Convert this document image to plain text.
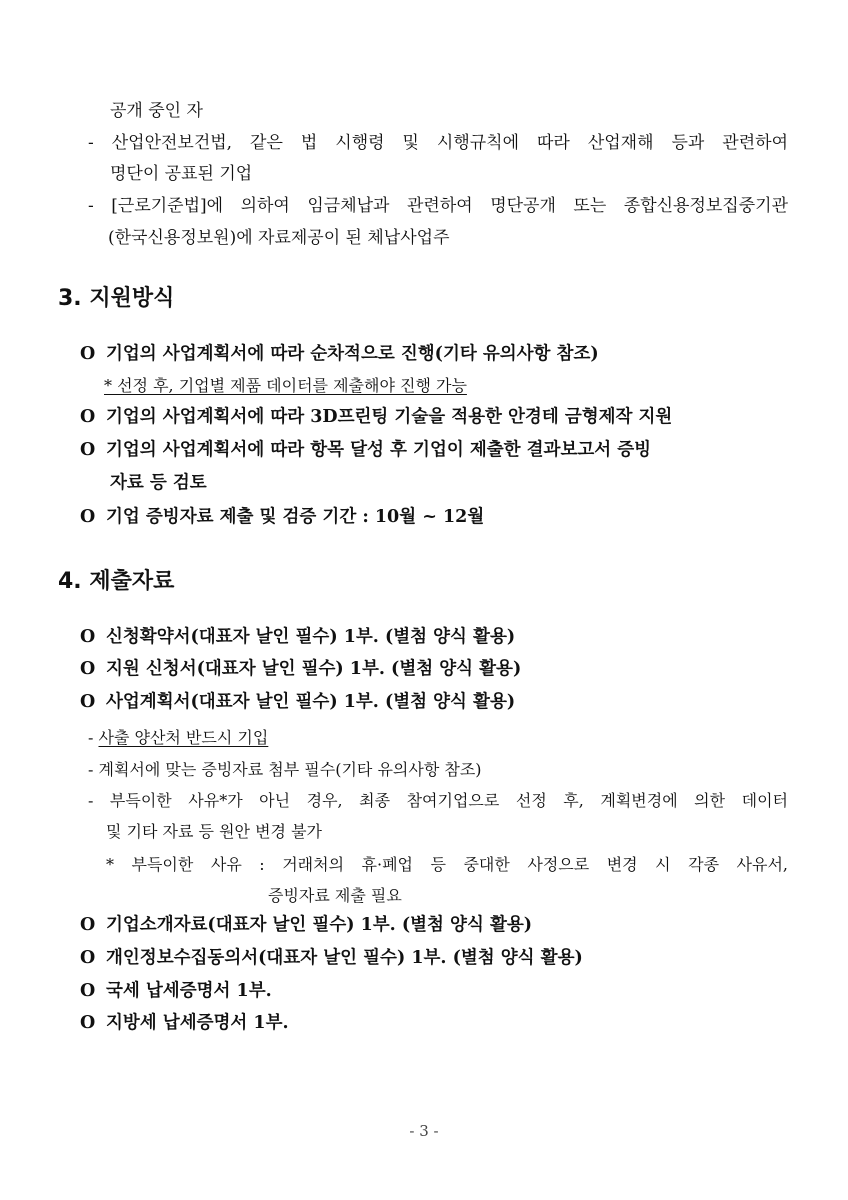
공개 중인 자
- 산업안전보건법, 같은 법 시행령 및 시행규칙에 따라 산업재해 등과 관련하여
명단이 공표된 기업
- [근로기준법]에 의하여 임금체납과 관련하여 명단공개 또는 종합신용정보집중기관
(한국신용정보원)에 자료제공이 된 체납사업주
3. 지원방식
O 기업의 사업계획서에 따라 순차적으로 진행(기타 유의사항 참조)
* 선정 후, 기업별 제품 데이터를 제출해야 진행 가능
O 기업의 사업계획서에 따라 3D프린팅 기술을 적용한 안경테 금형제작 지원
O 기업의 사업계획서에 따라 항목 달성 후 기업이 제출한 결과보고서 증빙
자료 등 검토
O 기업 증빙자료 제출 및 검증 기간 : 10월 ~ 12월
4. 제출자료
O 신청확약서(대표자 날인 필수) 1부. (별첨 양식 활용)
O 지원 신청서(대표자 날인 필수) 1부. (별첨 양식 활용)
O 사업계획서(대표자 날인 필수) 1부. (별첨 양식 활용)
- 사출 양산처 반드시 기입
- 계획서에 맞는 증빙자료 첨부 필수(기타 유의사항 참조)
- 부득이한 사유*가 아닌 경우, 최종 참여기업으로 선정 후, 계획변경에 의한 데이터
및 기타 자료 등 원안 변경 불가
* 부득이한 사유 : 거래처의 휴·폐업 등 중대한 사정으로 변경 시 각종 사유서,
증빙자료 제출 필요
O 기업소개자료(대표자 날인 필수) 1부. (별첨 양식 활용)
O 개인정보수집동의서(대표자 날인 필수) 1부. (별첨 양식 활용)
O 국세 납세증명서 1부.
O 지방세 납세증명서 1부.
- 3 -
